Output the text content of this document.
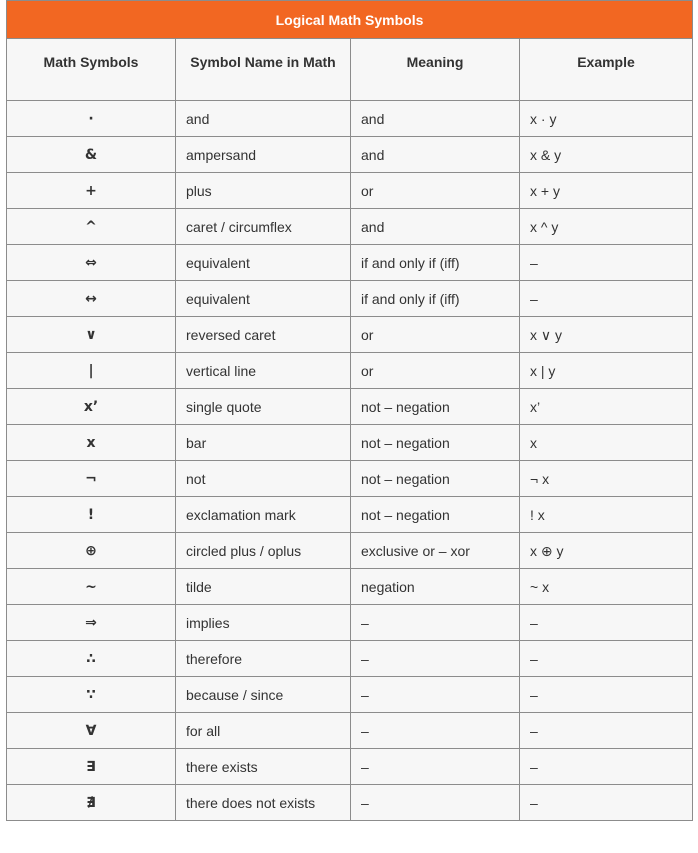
Logical Math Symbols			
Math Symbols	Symbol Name in Math	Meaning	Example
·	and	and	x · y
&	ampersand	and	x & y
+	plus	or	x + y
^	caret / circumflex	and	x ^ y
⇔	equivalent	if and only if (iff)	–
↔	equivalent	if and only if (iff)	–
∨	reversed caret	or	x ∨ y
|	vertical line	or	x | y
x’	single quote	not – negation	x’
x	bar	not – negation	x
¬	not	not – negation	¬ x
!	exclamation mark	not – negation	! x
⊕	circled plus / oplus	exclusive or – xor	x ⊕ y
~	tilde	negation	~ x
⇒	implies	–	–
∴	therefore	–	–
∵	because / since	–	–
∀	for all	–	–
∃	there exists	–	–
∄	there does not exists	–	–
